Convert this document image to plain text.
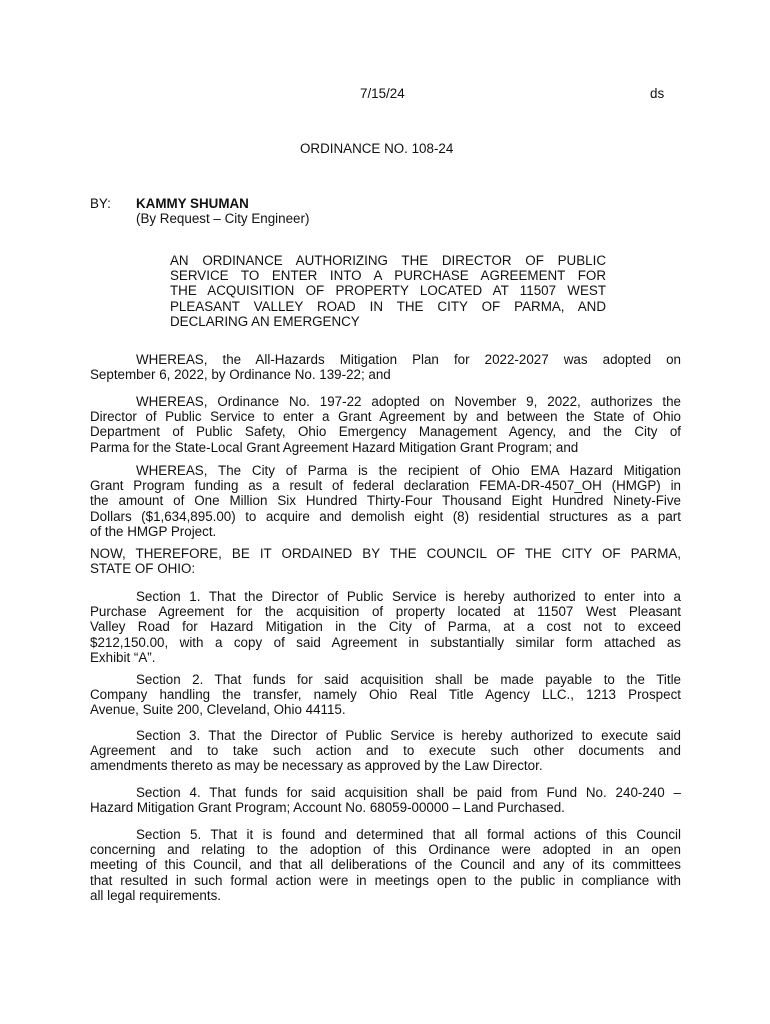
7/15/24	ds
ORDINANCE NO. 108-24
BY: KAMMY SHUMAN
(By Request – City Engineer)
AN ORDINANCE AUTHORIZING THE DIRECTOR OF PUBLIC
SERVICE TO ENTER INTO A PURCHASE AGREEMENT FOR
THE ACQUISITION OF PROPERTY LOCATED AT 11507 WEST
PLEASANT VALLEY ROAD IN THE CITY OF PARMA, AND
DECLARING AN EMERGENCY
WHEREAS, the All-Hazards Mitigation Plan for 2022-2027 was adopted on
September 6, 2022, by Ordinance No. 139-22; and
WHEREAS, Ordinance No. 197-22 adopted on November 9, 2022, authorizes the
Director of Public Service to enter a Grant Agreement by and between the State of Ohio
Department of Public Safety, Ohio Emergency Management Agency, and the City of
Parma for the State-Local Grant Agreement Hazard Mitigation Grant Program; and
WHEREAS, The City of Parma is the recipient of Ohio EMA Hazard Mitigation
Grant Program funding as a result of federal declaration FEMA-DR-4507_OH (HMGP) in
the amount of One Million Six Hundred Thirty-Four Thousand Eight Hundred Ninety-Five
Dollars ($1,634,895.00) to acquire and demolish eight (8) residential structures as a part
of the HMGP Project.
NOW, THEREFORE, BE IT ORDAINED BY THE COUNCIL OF THE CITY OF PARMA,
STATE OF OHIO:
Section 1. That the Director of Public Service is hereby authorized to enter into a
Purchase Agreement for the acquisition of property located at 11507 West Pleasant
Valley Road for Hazard Mitigation in the City of Parma, at a cost not to exceed
$212,150.00, with a copy of said Agreement in substantially similar form attached as
Exhibit “A”.
Section 2. That funds for said acquisition shall be made payable to the Title
Company handling the transfer, namely Ohio Real Title Agency LLC., 1213 Prospect
Avenue, Suite 200, Cleveland, Ohio 44115.
Section 3. That the Director of Public Service is hereby authorized to execute said
Agreement and to take such action and to execute such other documents and
amendments thereto as may be necessary as approved by the Law Director.
Section 4. That funds for said acquisition shall be paid from Fund No. 240-240 –
Hazard Mitigation Grant Program; Account No. 68059-00000 – Land Purchased.
Section 5. That it is found and determined that all formal actions of this Council
concerning and relating to the adoption of this Ordinance were adopted in an open
meeting of this Council, and that all deliberations of the Council and any of its committees
that resulted in such formal action were in meetings open to the public in compliance with
all legal requirements.
